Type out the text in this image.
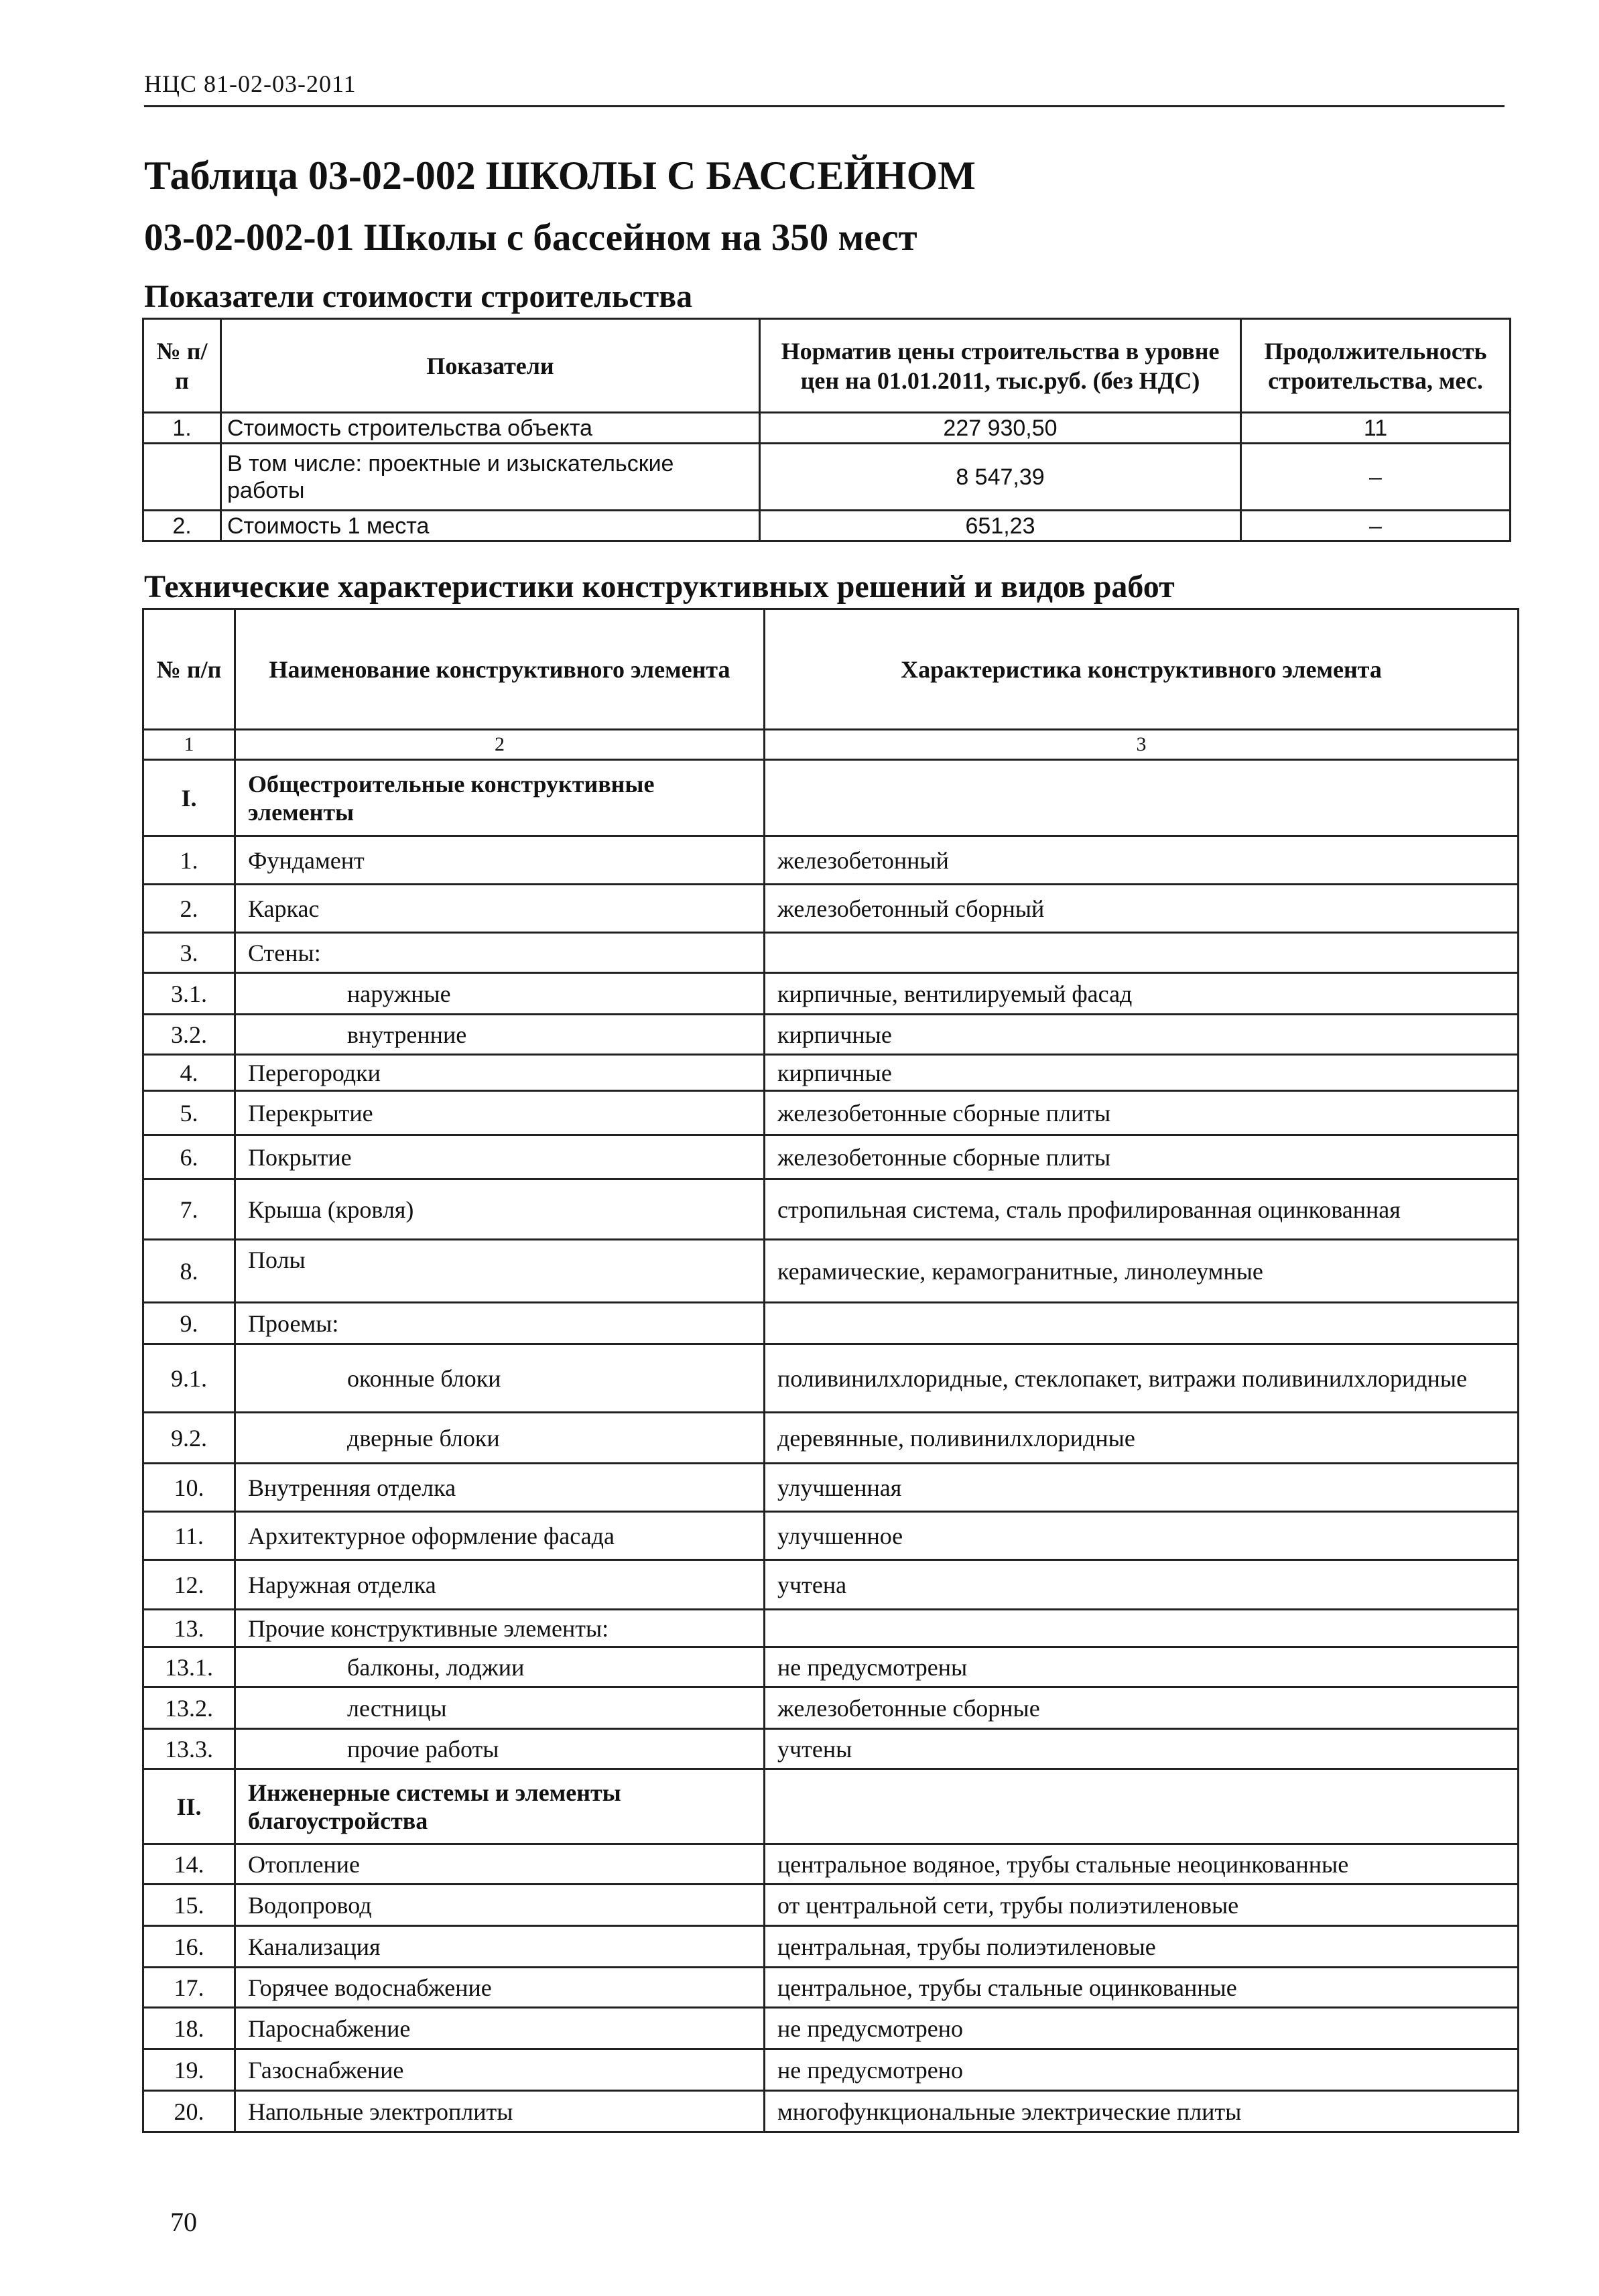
НЦС 81-02-03-2011
Таблица 03-02-002 ШКОЛЫ С БАССЕЙНОМ
03-02-002-01 Школы с бассейном на 350 мест
Показатели стоимости строительства
№ п/п	Показатели	Норматив цены строительства в уровне цен на 01.01.2011, тыс.руб. (без НДС)	Продолжительность строительства, мес.
1.	Стоимость строительства объекта	227 930,50	11
	В том числе: проектные и изыскательские работы	8 547,39	–
2.	Стоимость 1 места	651,23	–
Технические характеристики конструктивных решений и видов работ
№ п/п	Наименование конструктивного элемента	Характеристика конструктивного элемента
1	2	3
I.	Общестроительные конструктивные элементы	
1.	Фундамент	железобетонный
2.	Каркас	железобетонный сборный
3.	Стены:	
3.1.	наружные	кирпичные, вентилируемый фасад
3.2.	внутренние	кирпичные
4.	Перегородки	кирпичные
5.	Перекрытие	железобетонные сборные плиты
6.	Покрытие	железобетонные сборные плиты
7.	Крыша (кровля)	стропильная система, сталь профилированная оцинкованная
8.	Полы	керамические, керамогранитные, линолеумные
9.	Проемы:	
9.1.	оконные блоки	поливинилхлоридные, стеклопакет, витражи поливинилхлоридные
9.2.	дверные блоки	деревянные, поливинилхлоридные
10.	Внутренняя отделка	улучшенная
11.	Архитектурное оформление фасада	улучшенное
12.	Наружная отделка	учтена
13.	Прочие конструктивные элементы:	
13.1.	балконы, лоджии	не предусмотрены
13.2.	лестницы	железобетонные сборные
13.3.	прочие работы	учтены
II.	Инженерные системы и элементы благоустройства	
14.	Отопление	центральное водяное, трубы стальные неоцинкованные
15.	Водопровод	от центральной сети, трубы полиэтиленовые
16.	Канализация	центральная, трубы полиэтиленовые
17.	Горячее водоснабжение	центральное, трубы стальные оцинкованные
18.	Пароснабжение	не предусмотрено
19.	Газоснабжение	не предусмотрено
20.	Напольные электроплиты	многофункциональные электрические плиты
70
